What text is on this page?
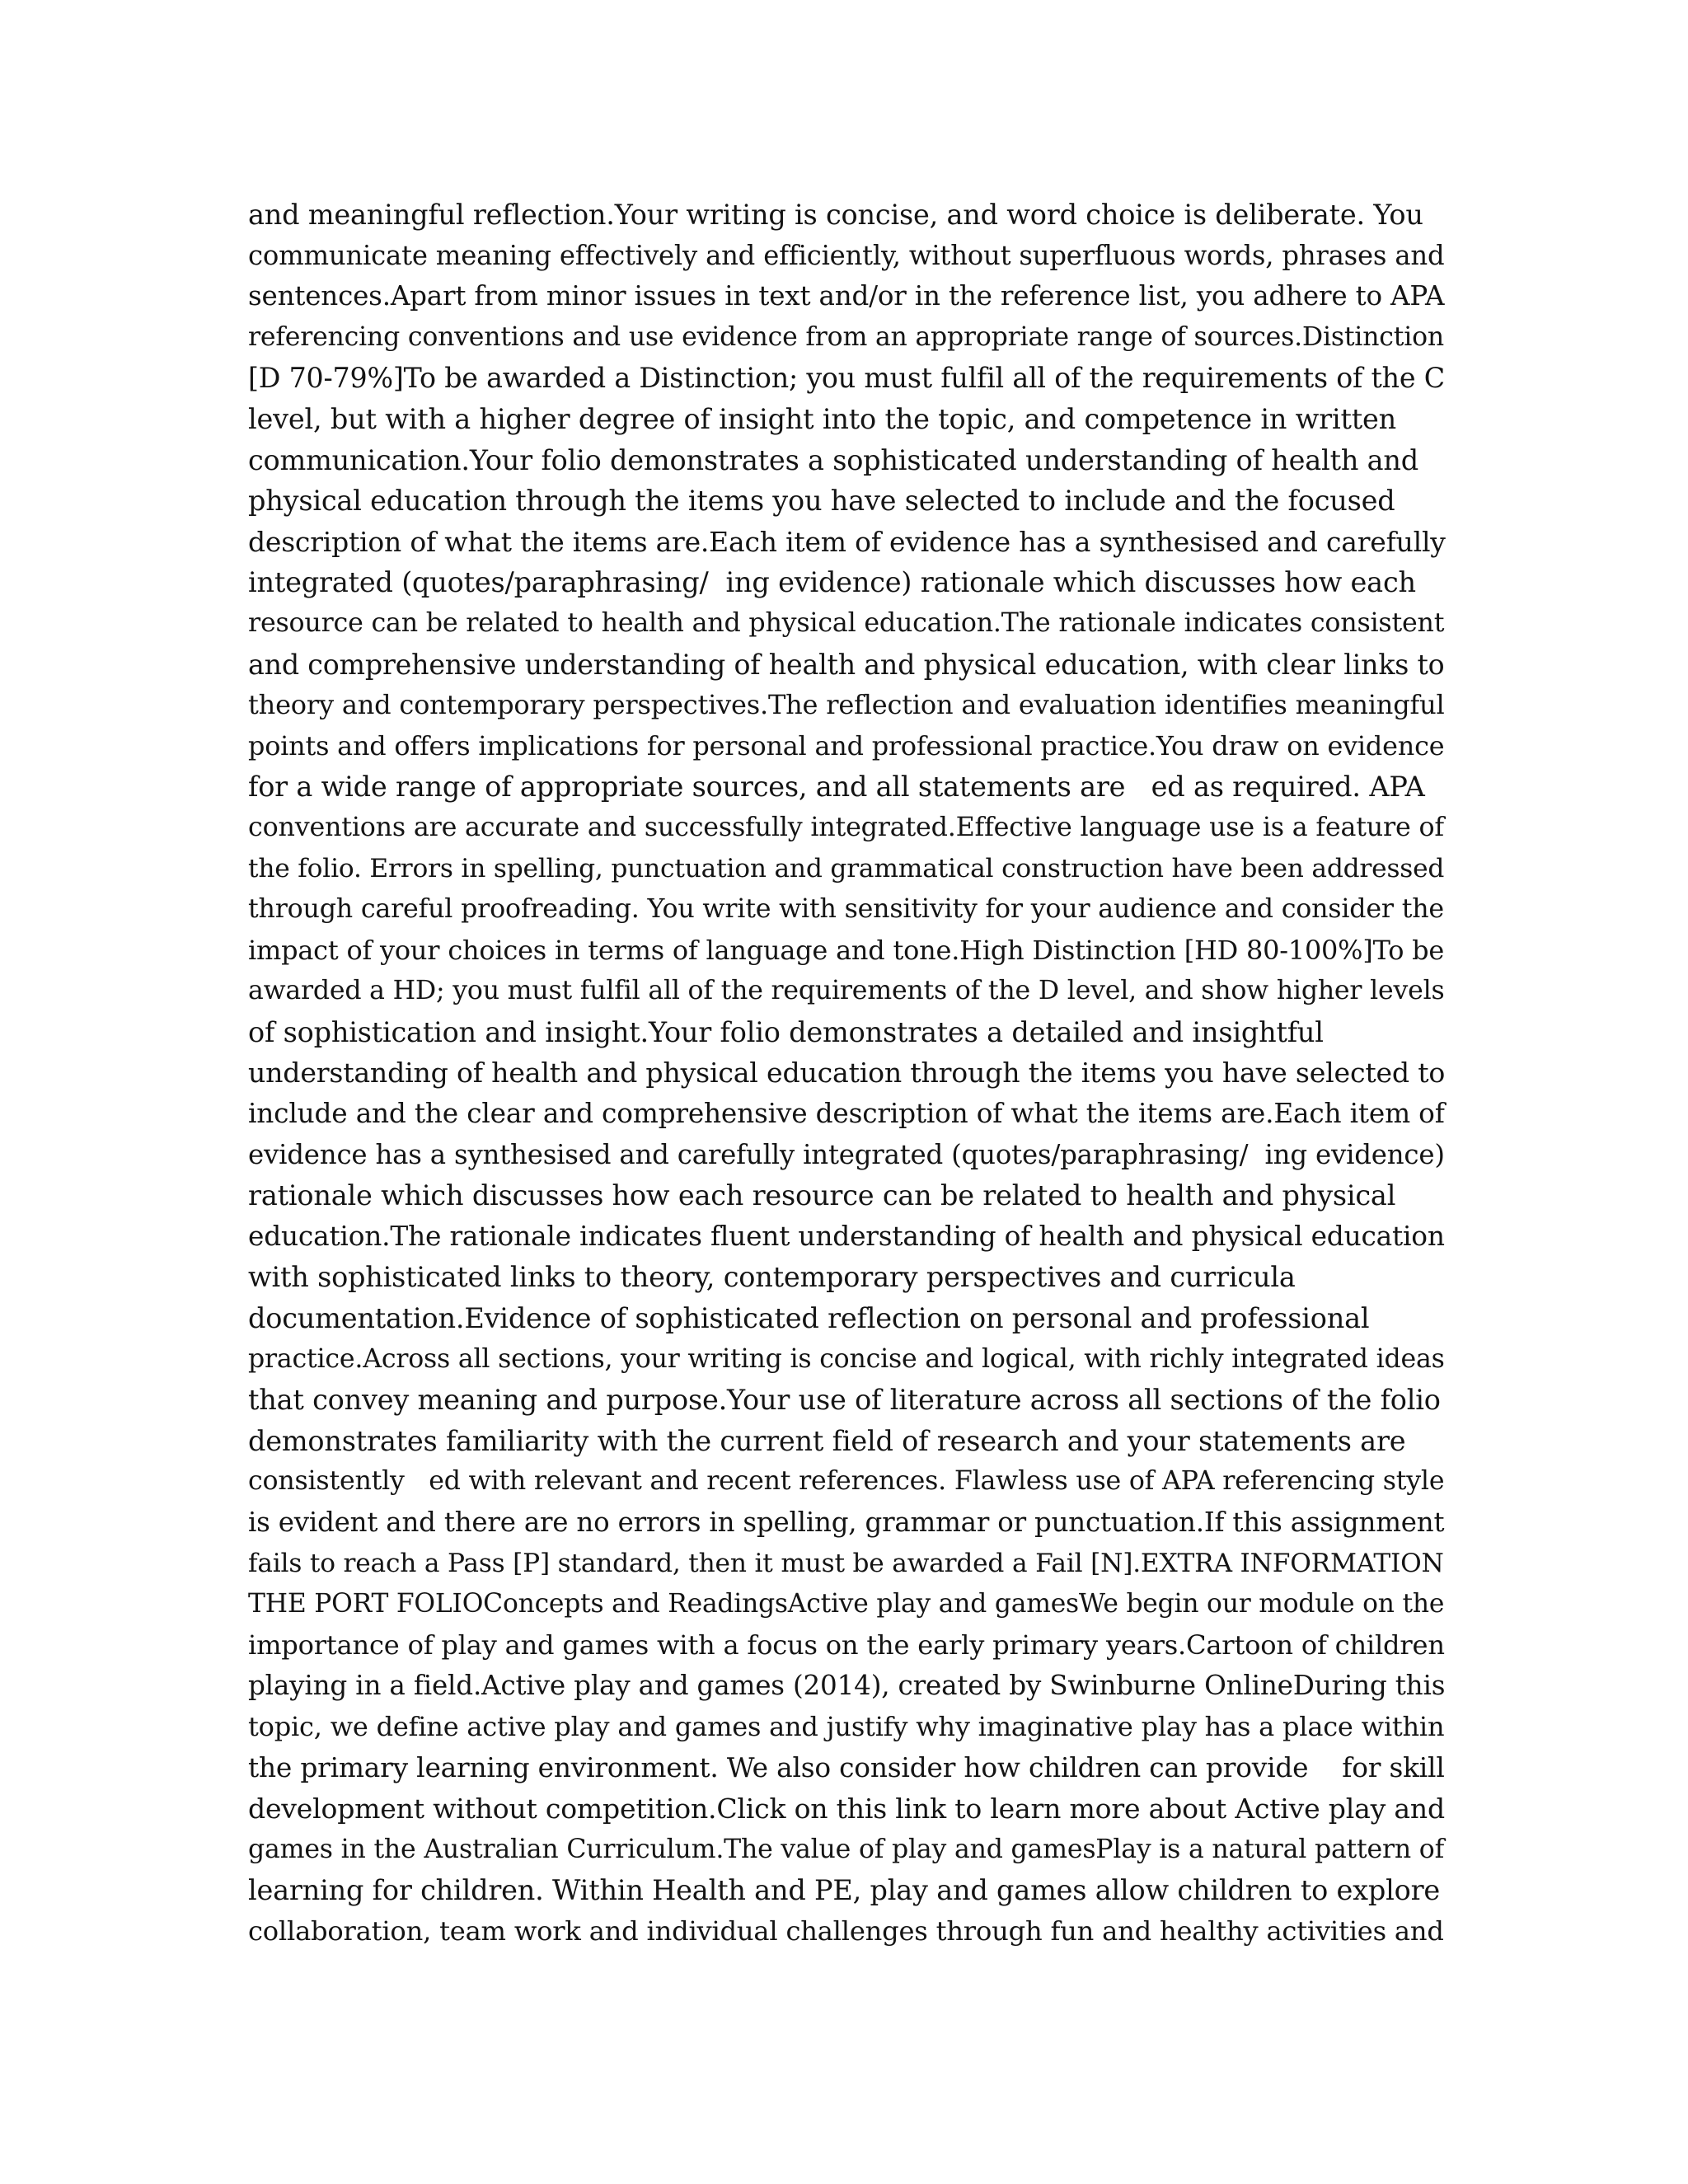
and meaningful reflection.Your writing is concise, and word choice is deliberate. You
communicate meaning effectively and efficiently, without superfluous words, phrases and
sentences.Apart from minor issues in text and/or in the reference list, you adhere to APA
referencing conventions and use evidence from an appropriate range of sources.Distinction
[D 70-79%]To be awarded a Distinction; you must fulfil all of the requirements of the C
level, but with a higher degree of insight into the topic, and competence in written
communication.Your folio demonstrates a sophisticated understanding of health and
physical education through the items you have selected to include and the focused
description of what the items are.Each item of evidence has a synthesised and carefully
integrated (quotes/paraphrasing/  ing evidence) rationale which discusses how each
resource can be related to health and physical education.The rationale indicates consistent
and comprehensive understanding of health and physical education, with clear links to
theory and contemporary perspectives.The reflection and evaluation identifies meaningful
points and offers implications for personal and professional practice.You draw on evidence
for a wide range of appropriate sources, and all statements are   ed as required. APA
conventions are accurate and successfully integrated.Effective language use is a feature of
the folio. Errors in spelling, punctuation and grammatical construction have been addressed
through careful proofreading. You write with sensitivity for your audience and consider the
impact of your choices in terms of language and tone.High Distinction [HD 80-100%]To be
awarded a HD; you must fulfil all of the requirements of the D level, and show higher levels
of sophistication and insight.Your folio demonstrates a detailed and insightful
understanding of health and physical education through the items you have selected to
include and the clear and comprehensive description of what the items are.Each item of
evidence has a synthesised and carefully integrated (quotes/paraphrasing/  ing evidence)
rationale which discusses how each resource can be related to health and physical
education.The rationale indicates fluent understanding of health and physical education
with sophisticated links to theory, contemporary perspectives and curricula
documentation.Evidence of sophisticated reflection on personal and professional
practice.Across all sections, your writing is concise and logical, with richly integrated ideas
that convey meaning and purpose.Your use of literature across all sections of the folio
demonstrates familiarity with the current field of research and your statements are
consistently   ed with relevant and recent references. Flawless use of APA referencing style
is evident and there are no errors in spelling, grammar or punctuation.If this assignment
fails to reach a Pass [P] standard, then it must be awarded a Fail [N].EXTRA INFORMATION
THE PORT FOLIOConcepts and ReadingsActive play and gamesWe begin our module on the
importance of play and games with a focus on the early primary years.Cartoon of children
playing in a field.Active play and games (2014), created by Swinburne OnlineDuring this
topic, we define active play and games and justify why imaginative play has a place within
the primary learning environment. We also consider how children can provide    for skill
development without competition.Click on this link to learn more about Active play and
games in the Australian Curriculum.The value of play and gamesPlay is a natural pattern of
learning for children. Within Health and PE, play and games allow children to explore
collaboration, team work and individual challenges through fun and healthy activities and
